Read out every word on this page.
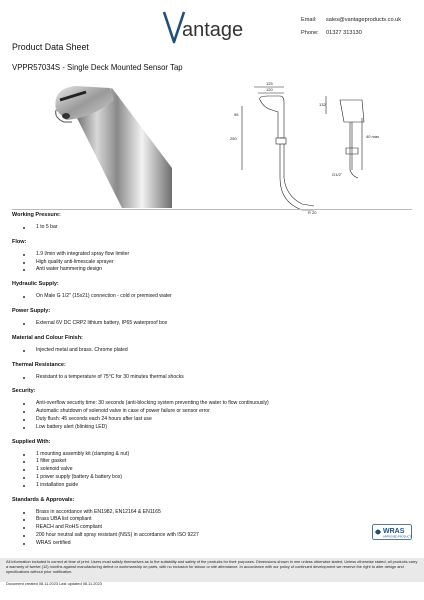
antage	Email: sales@vantageproducts.co.uk
Phone: 01327 313130
Product Data Sheet
VPPR57034S - Single Deck Mounted Sensor Tap
125
120
95
250
132
40 max
G1/2"
R 20
Working Pressure:
1 to 5 bar
Flow:
1.9 l/min with integrated spray flow limiter
High quality anti-limescale sprayer
Anti water hammering design
Hydraulic Supply:
On Male G 1/2" (15x21) connection - cold or premixed water
Power Supply:
External 6V DC CRP2 lithium battery, IP65 waterproof box
Material and Colour Finish:
Injected metal and brass. Chrome plated
Thermal Resistance:
Resistant to a temperature of 75°C for 30 minutes thermal shocks
Security:
Anti-overflow security time: 30 seconds (anti-blocking system preventing the water to flow continuously)
Automatic shutdown of solenoid valve in case of power failure or sensor error
Duty flush: 45 seconds each 24 hours after last use
Low battery alert (blinking LED)
Supplied With:
1 mounting assembly kit (clamping & nut)
1 filter gasket
1 solenoid valve
1 power supply (battery & battery box)
1 installation guide
Standards & Approvals:
Brass in accordance with EN1982, EN12164 & EN1165
Brass UBA list compliant
REACH and RoHS compliant
200 hour neutral salt spray resistant (NSS) in accordance with ISO 9227
WRAS certified
WRAS
APPROVED PRODUCT
All information included is correct at time of print. Users must satisfy themselves as to the suitability and safety of the products for their purposes. Dimensions shown in mm unless otherwise stated. Unless otherwise stated, all products carry a warranty of twelve (12) months against manufacturing defect or workmanship on parts, with no inclusion for labour or site attendance. In accordance with our policy of continued development we reserve the right to alter design and specifications without prior notification.
Document created 08.11.2023 Last updated 08.11.2023
